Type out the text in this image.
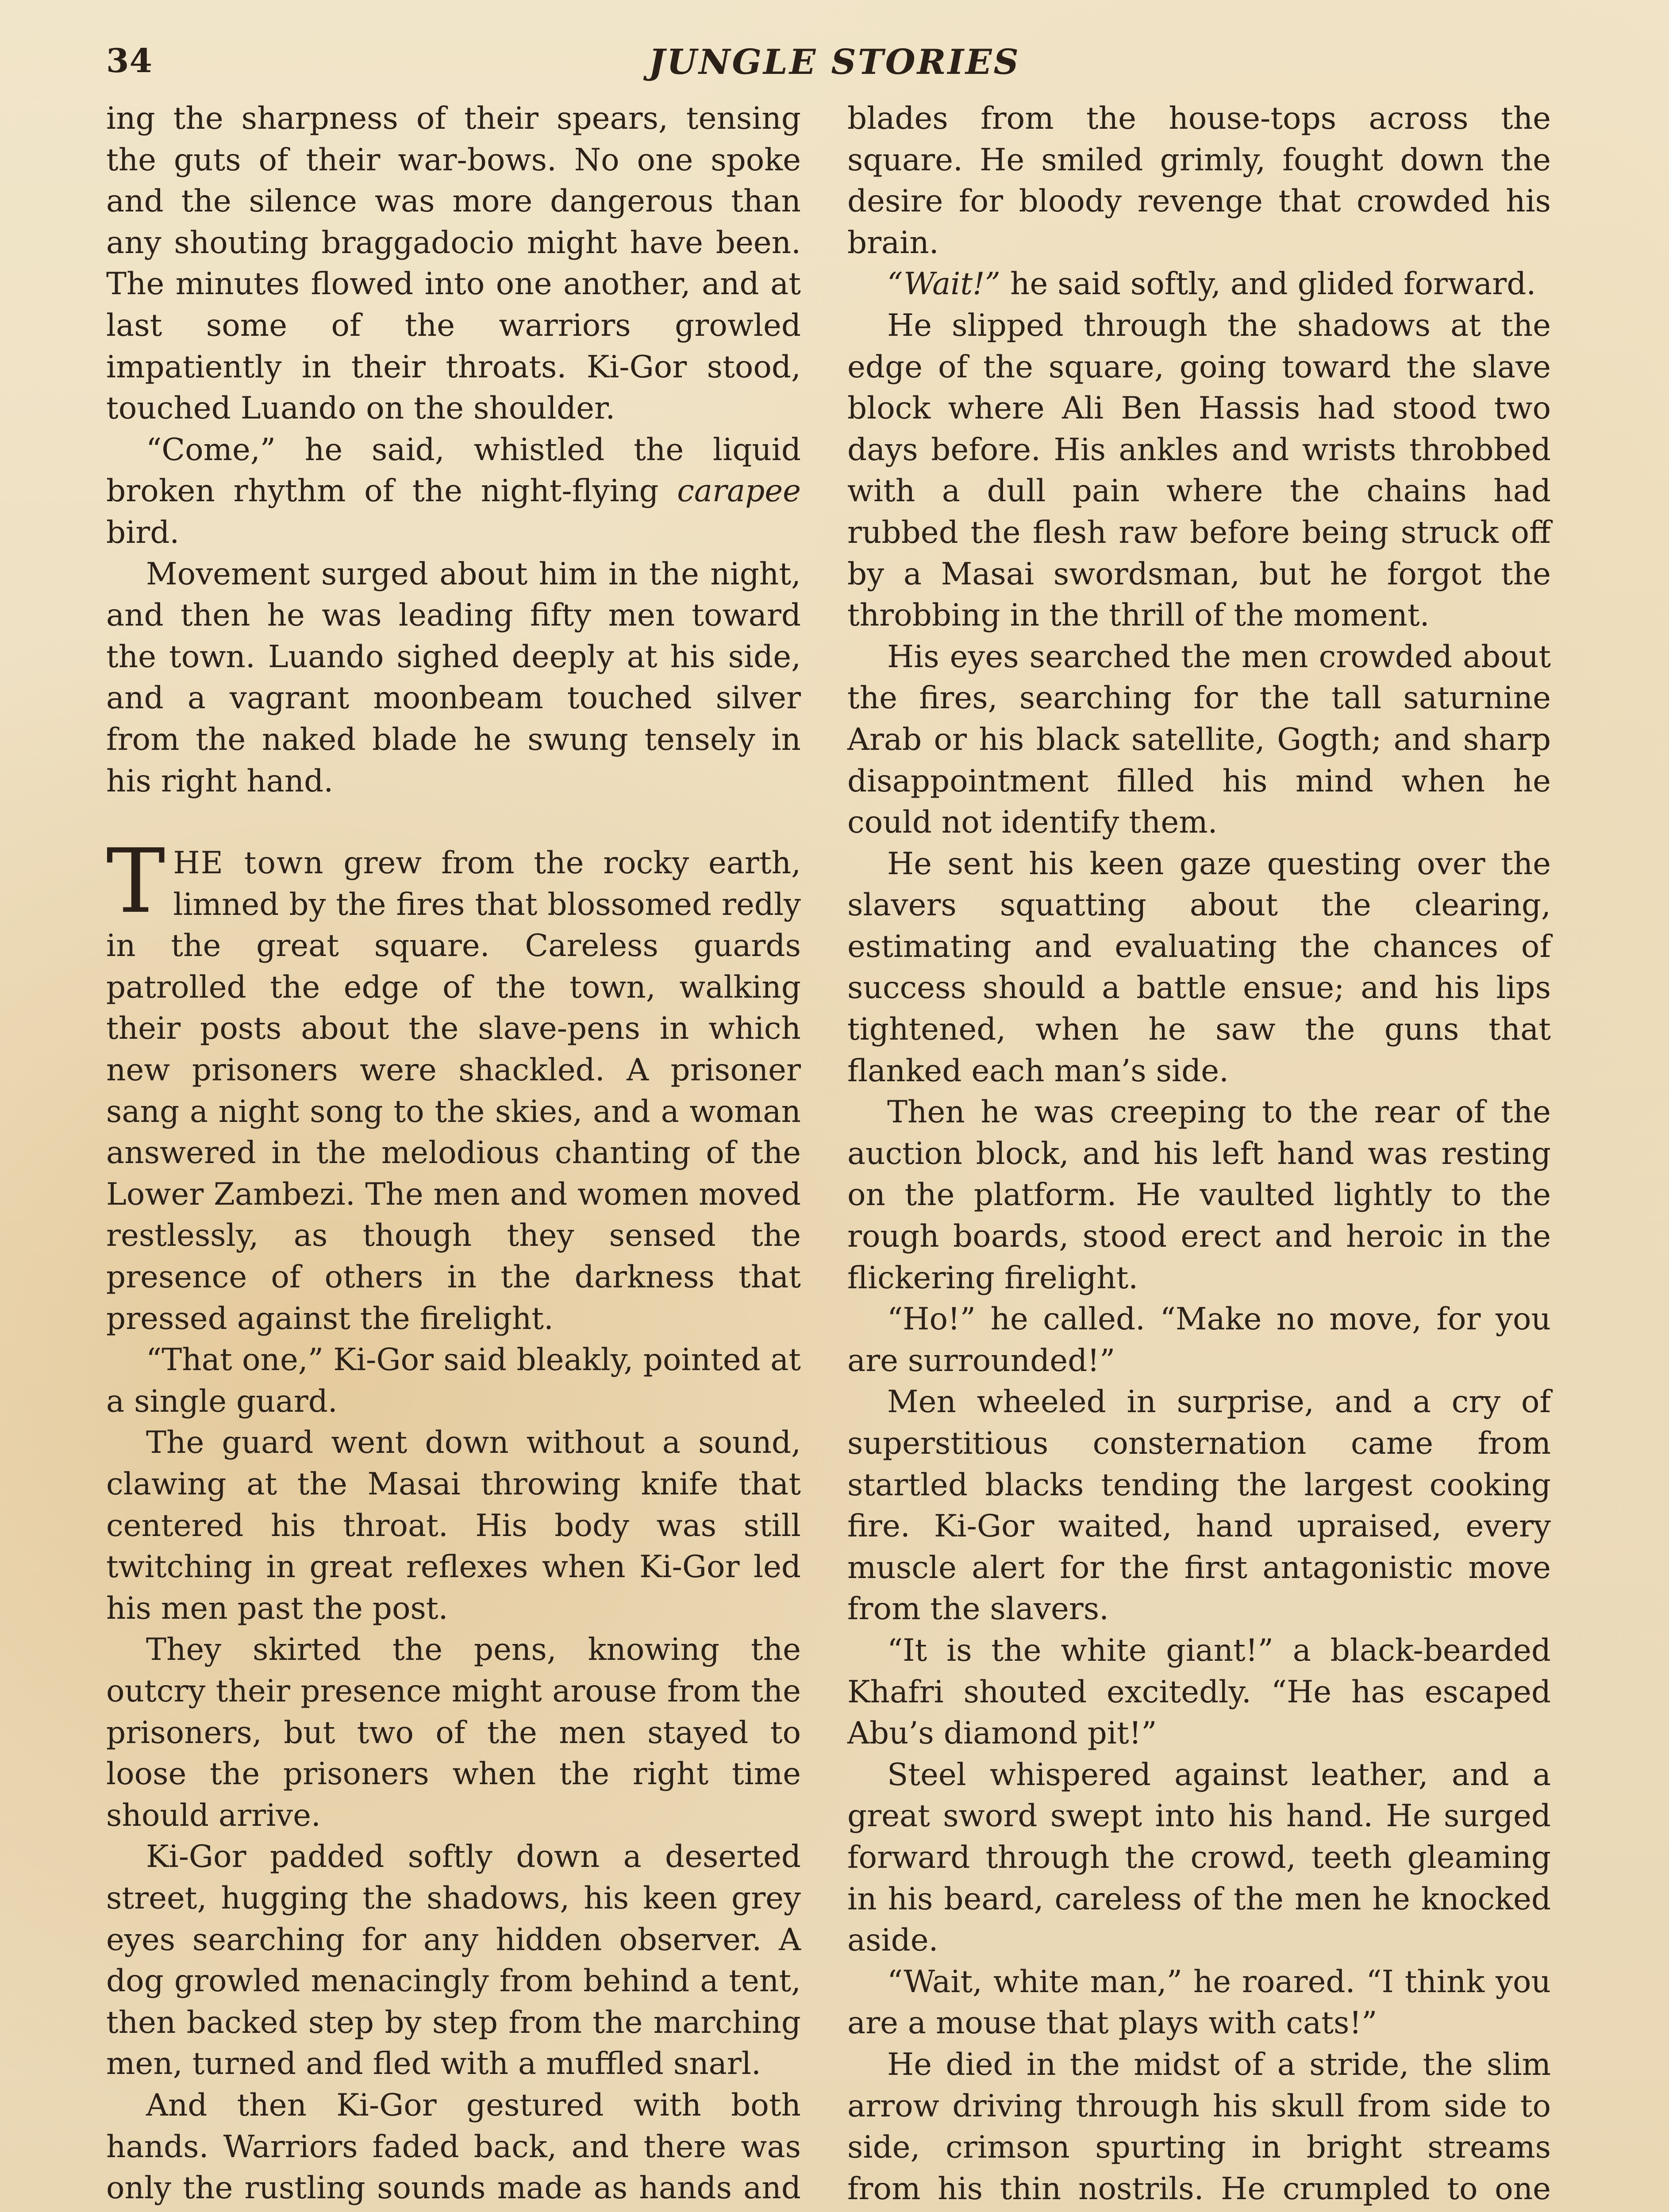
34	JUNGLE STORIES

ing the sharpness of their spears, tensing the guts of their war-bows. No one spoke and the silence was more dangerous than any shouting braggadocio might have been. The minutes flowed into one another, and at last some of the warriors growled impatiently in their throats. Ki-Gor stood, touched Luando on the shoulder.

“Come,” he said, whistled the liquid broken rhythm of the night-flying carapee bird.

Movement surged about him in the night, and then he was leading fifty men toward the town. Luando sighed deeply at his side, and a vagrant moonbeam touched silver from the naked blade he swung tensely in his right hand.

THE town grew from the rocky earth, limned by the fires that blossomed redly in the great square. Careless guards patrolled the edge of the town, walking their posts about the slave-pens in which new prisoners were shackled. A prisoner sang a night song to the skies, and a woman answered in the melodious chanting of the Lower Zambezi. The men and women moved restlessly, as though they sensed the presence of others in the darkness that pressed against the firelight.

“That one,” Ki-Gor said bleakly, pointed at a single guard.

The guard went down without a sound, clawing at the Masai throwing knife that centered his throat. His body was still twitching in great reflexes when Ki-Gor led his men past the post.

They skirted the pens, knowing the outcry their presence might arouse from the prisoners, but two of the men stayed to loose the prisoners when the right time should arrive.

Ki-Gor padded softly down a deserted street, hugging the shadows, his keen grey eyes searching for any hidden observer. A dog growled menacingly from behind a tent, then backed step by step from the marching men, turned and fled with a muffled snarl.

And then Ki-Gor gestured with both hands. Warriors faded back, and there was only the rustling sounds made as hands and

blades from the house-tops across the square. He smiled grimly, fought down the desire for bloody revenge that crowded his brain.

“Wait!” he said softly, and glided forward.

He slipped through the shadows at the edge of the square, going toward the slave block where Ali Ben Hassis had stood two days before. His ankles and wrists throbbed with a dull pain where the chains had rubbed the flesh raw before being struck off by a Masai swordsman, but he forgot the throbbing in the thrill of the moment.

His eyes searched the men crowded about the fires, searching for the tall saturnine Arab or his black satellite, Gogth; and sharp disappointment filled his mind when he could not identify them.

He sent his keen gaze questing over the slavers squatting about the clearing, estimating and evaluating the chances of success should a battle ensue; and his lips tightened, when he saw the guns that flanked each man’s side.

Then he was creeping to the rear of the auction block, and his left hand was resting on the platform. He vaulted lightly to the rough boards, stood erect and heroic in the flickering firelight.

“Ho!” he called. “Make no move, for you are surrounded!”

Men wheeled in surprise, and a cry of superstitious consternation came from startled blacks tending the largest cooking fire. Ki-Gor waited, hand upraised, every muscle alert for the first antagonistic move from the slavers.

“It is the white giant!” a black-bearded Khafri shouted excitedly. “He has escaped Abu’s diamond pit!”

Steel whispered against leather, and a great sword swept into his hand. He surged forward through the crowd, teeth gleaming in his beard, careless of the men he knocked aside.

“Wait, white man,” he roared. “I think you are a mouse that plays with cats!”

He died in the midst of a stride, the slim arrow driving through his skull from side to side, crimson spurting in bright streams from his thin nostrils. He crumpled to one
